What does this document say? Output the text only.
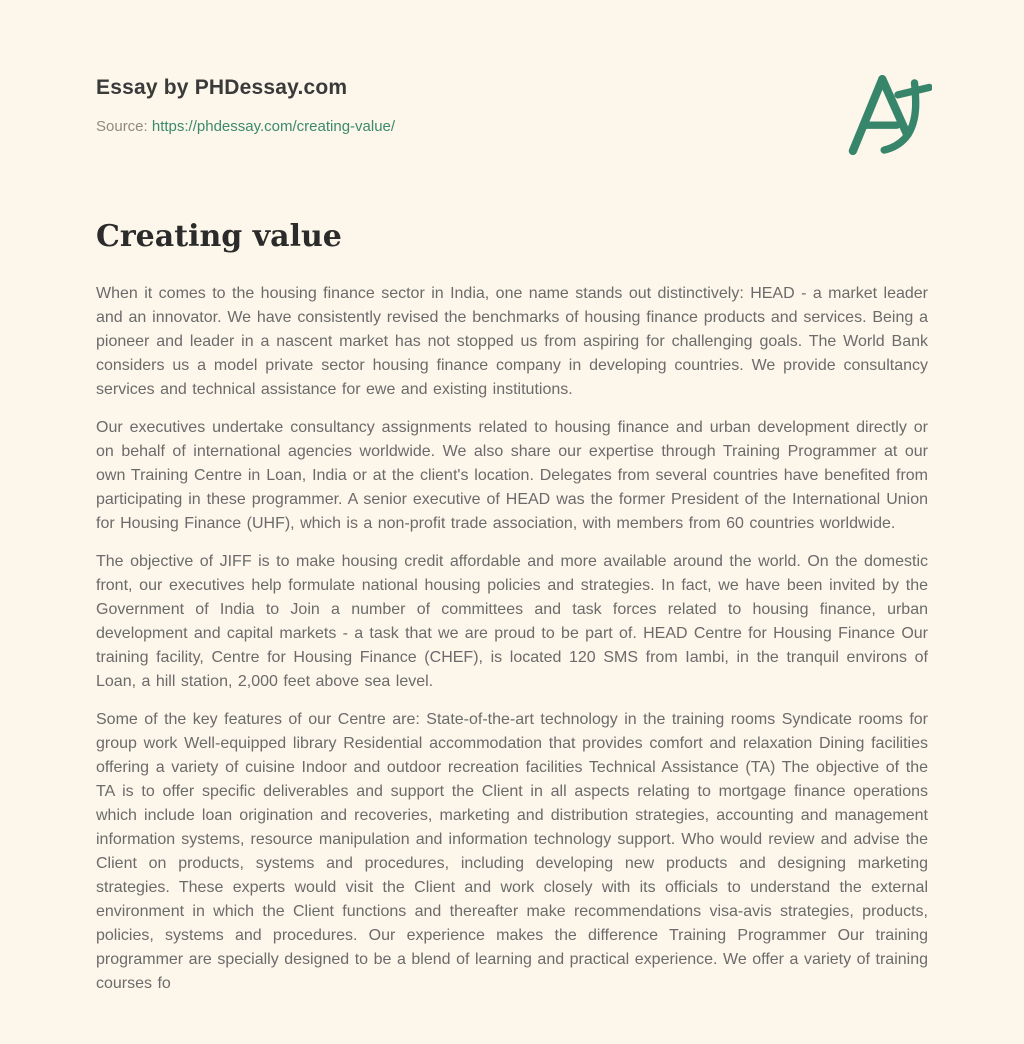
Essay by PHDessay.com
Source: https://phdessay.com/creating-value/
Creating value

When it comes to the housing finance sector in India, one name stands out distinctively: HEAD - a market leader and an innovator. We have consistently revised the benchmarks of housing finance products and services. Being a pioneer and leader in a nascent market has not stopped us from aspiring for challenging goals. The World Bank considers us a model private sector housing finance company in developing countries. We provide consultancy services and technical assistance for ewe and existing institutions.

Our executives undertake consultancy assignments related to housing finance and urban development directly or on behalf of international agencies worldwide. We also share our expertise through Training Programmer at our own Training Centre in Loan, India or at the client's location. Delegates from several countries have benefited from participating in these programmer. A senior executive of HEAD was the former President of the International Union for Housing Finance (UHF), which is a non-profit trade association, with members from 60 countries worldwide.

The objective of JIFF is to make housing credit affordable and more available around the world. On the domestic front, our executives help formulate national housing policies and strategies. In fact, we have been invited by the Government of India to Join a number of committees and task forces related to housing finance, urban development and capital markets - a task that we are proud to be part of. HEAD Centre for Housing Finance Our training facility, Centre for Housing Finance (CHEF), is located 120 SMS from Iambi, in the tranquil environs of Loan, a hill station, 2,000 feet above sea level.

Some of the key features of our Centre are: State-of-the-art technology in the training rooms Syndicate rooms for group work Well-equipped library Residential accommodation that provides comfort and relaxation Dining facilities offering a variety of cuisine Indoor and outdoor recreation facilities Technical Assistance (TA) The objective of the TA is to offer specific deliverables and support the Client in all aspects relating to mortgage finance operations which include loan origination and recoveries, marketing and distribution strategies, accounting and management information systems, resource manipulation and information technology support. Who would review and advise the Client on products, systems and procedures, including developing new products and designing marketing strategies. These experts would visit the Client and work closely with its officials to understand the external environment in which the Client functions and thereafter make recommendations visa-avis strategies, products, policies, systems and procedures. Our experience makes the difference Training Programmer Our training programmer are specially designed to be a blend of learning and practical experience. We offer a variety of training courses fo
